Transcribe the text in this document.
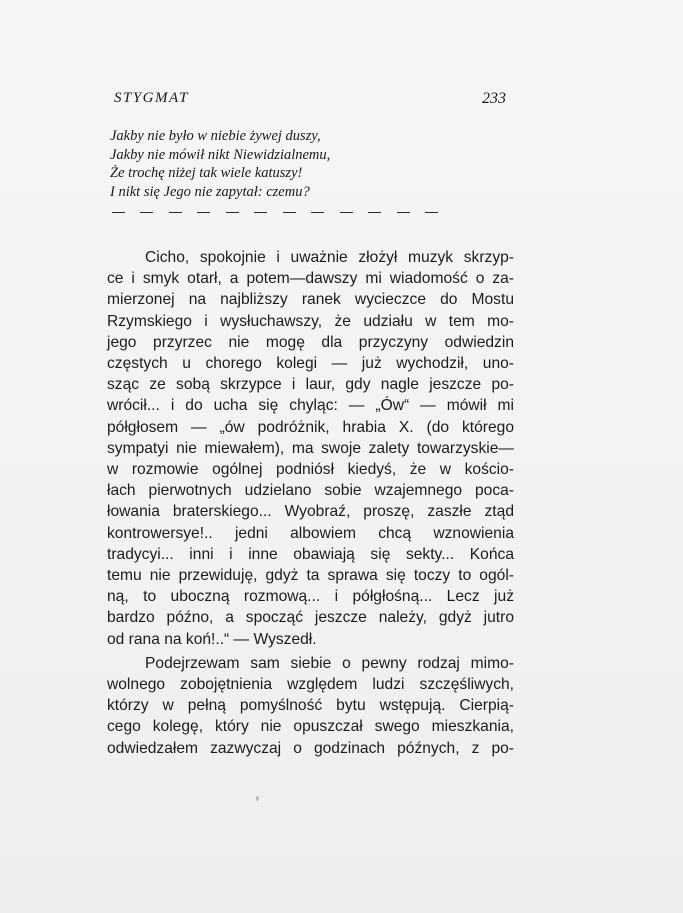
STYGMAT	233
Jakby nie było w niebie żywej duszy,
Jakby nie mówił nikt Niewidzialnemu,
Że trochę niżej tak wiele katuszy!
I nikt się Jego nie zapytał: czemu?

Cicho, spokojnie i uważnie złożył muzyk skrzyp-
ce i smyk otarł, a potem—dawszy mi wiadomość o za-
mierzonej na najbliższy ranek wycieczce do Mostu
Rzymskiego i wysłuchawszy, że udziału w tem mo-
jego przyrzec nie mogę dla przyczyny odwiedzin
częstych u chorego kolegi — już wychodził, uno-
sząc ze sobą skrzypce i laur, gdy nagle jeszcze po-
wrócił... i do ucha się chyląc: — „Ów“ — mówił mi
półgłosem — „ów podróżnik, hrabia X. (do którego
sympatyi nie miewałem), ma swoje zalety towarzyskie—
w rozmowie ogólnej podniósł kiedyś, że w kościo-
łach pierwotnych udzielano sobie wzajemnego poca-
łowania braterskiego... Wyobraź, proszę, zaszłe ztąd
kontrowersye!.. jedni albowiem chcą wznowienia
tradycyi... inni i inne obawiają się sekty... Końca
temu nie przewiduję, gdyż ta sprawa się toczy to ogól-
ną, to uboczną rozmową... i półgłośną... Lecz już
bardzo późno, a spocząć jeszcze należy, gdyż jutro
od rana na koń!..“ — Wyszedł.

Podejrzewam sam siebie o pewny rodzaj mimo-
wolnego zobojętnienia względem ludzi szczęśliwych,
którzy w pełną pomyślność bytu wstępują. Cierpią-
cego kolegę, który nie opuszczał swego mieszkania,
odwiedzałem zazwyczaj o godzinach późnych, z po-
